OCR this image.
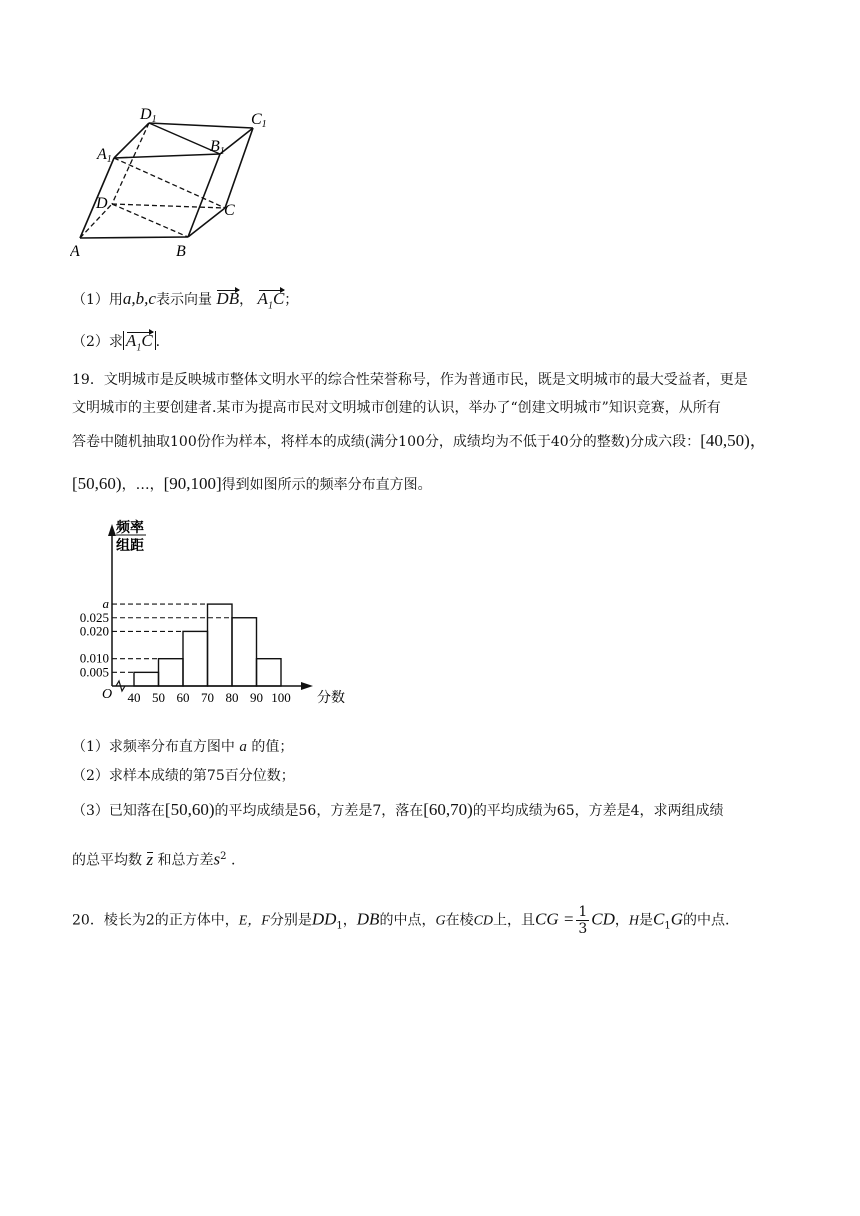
D1	C1
A1
B1
D	C
A	B
（1）用a,b,c表示向量 DB， $A_1C$；
（2）求 $A_1C$ .
19．文明城市是反映城市整体文明水平的综合性荣誉称号，作为普通市民，既是文明城市的最大受益者，更是
文明城市的主要创建者.某市为提高市民对文明城市创建的认识，举办了“创建文明城市”知识竞赛，从所有
答卷中随机抽取100份作为样本，将样本的成绩(满分100分，成绩均为不低于40分的整数)分成六段：[40,50)，
[50,60)，…，[90,100]得到如图所示的频率分布直方图。
频率
组距
O
a
0.025
0.020
0.010
0.005
40 50 60 70 80 90 100 分数
（1）求频率分布直方图中 a 的值；
（2）求样本成绩的第75百分位数；
（3）已知落在[50,60)的平均成绩是56，方差是7，落在[60,70)的平均成绩为65，方差是4，求两组成绩
的总平均数 z 和总方差$s^2$ .
20．棱长为2的正方体中，E，F分别是$DD_1$，DB的中点，G在棱CD上，且CG = $\frac{1}{3}$ CD，H是$C_1G$的中点.
